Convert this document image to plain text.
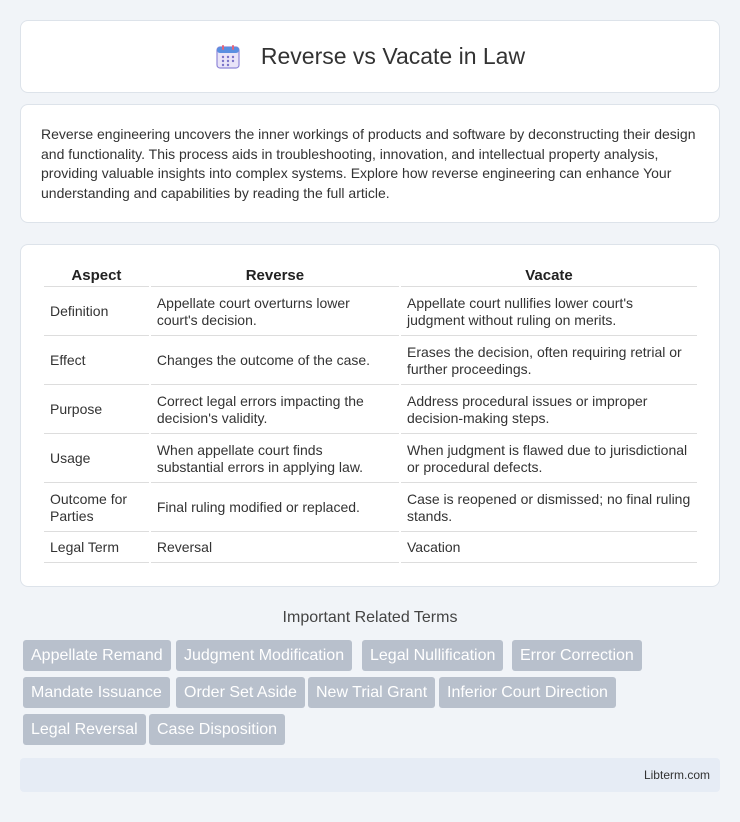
Reverse vs Vacate in Law

Reverse engineering uncovers the inner workings of products and software by deconstructing their design and functionality. This process aids in troubleshooting, innovation, and intellectual property analysis, providing valuable insights into complex systems. Explore how reverse engineering can enhance Your understanding and capabilities by reading the full article.

Aspect	Reverse	Vacate
Definition	Appellate court overturns lower court's decision.	Appellate court nullifies lower court's judgment without ruling on merits.
Effect	Changes the outcome of the case.	Erases the decision, often requiring retrial or further proceedings.
Purpose	Correct legal errors impacting the decision's validity.	Address procedural issues or improper decision-making steps.
Usage	When appellate court finds substantial errors in applying law.	When judgment is flawed due to jurisdictional or procedural defects.
Outcome for Parties	Final ruling modified or replaced.	Case is reopened or dismissed; no final ruling stands.
Legal Term	Reversal	Vacation
Important Related Terms
Appellate Remand	Judgment Modification	Legal Nullification	Error Correction
Mandate Issuance	Order Set Aside	New Trial Grant	Inferior Court Direction
Legal Reversal	Case Disposition
Libterm.com
